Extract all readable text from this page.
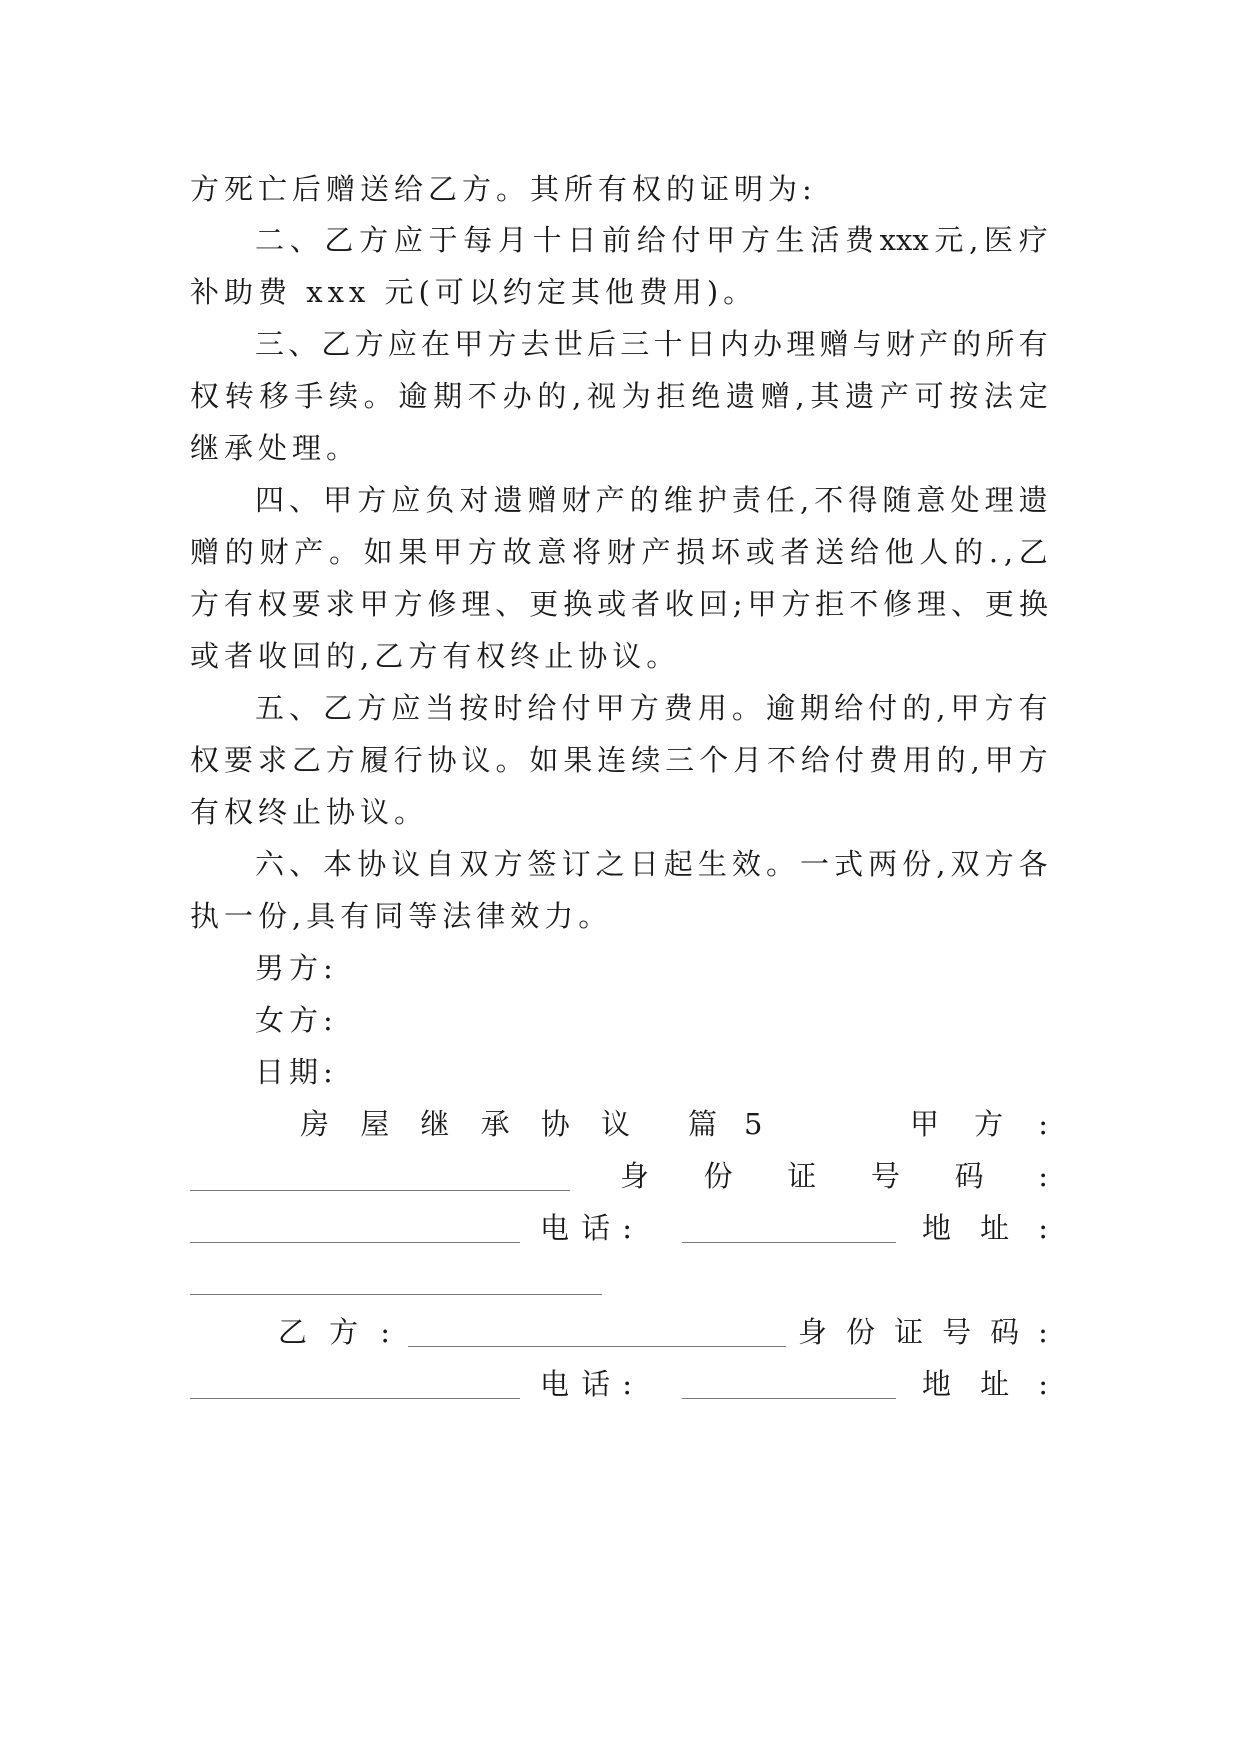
方死亡后赠送给乙方。其所有权的证明为:
二 、 乙 方 应 于 每 月 十 日 前 给 付 甲 方 生 活 费 xxx 元 , 医 疗
补助费 xxx 元(可以约定其他费用)。
三 、 乙 方 应 在 甲 方 去 世 后 三 十 日 内 办 理 赠 与 财 产 的 所 有
权 转 移 手 续 。 逾 期 不 办 的 , 视 为 拒 绝 遗 赠 , 其 遗 产 可 按 法 定
继承处理。
四 、 甲 方 应 负 对 遗 赠 财 产 的 维 护 责 任 , 不 得 随 意 处 理 遗
赠 的 财 产 。 如 果 甲 方 故 意 将 财 产 损 坏 或 者 送 给 他 人 的 . , 乙
方 有 权 要 求 甲 方 修 理 、 更 换 或 者 收 回 ; 甲 方 拒 不 修 理 、 更 换
或者收回的,乙方有权终止协议。
五 、 乙 方 应 当 按 时 给 付 甲 方 费 用 。 逾 期 给 付 的 , 甲 方 有
权 要 求 乙 方 履 行 协 议 。 如 果 连 续 三 个 月 不 给 付 费 用 的 , 甲 方
有权终止协议。
六 、 本 协 议 自 双 方 签 订 之 日 起 生 效 。 一 式 两 份 , 双 方 各
执一份,具有同等法律效力。
男方:
女方:
日期:
房 屋 继 承 协 议 篇 5	甲 方 :
身 份 证 号 码 :
电 话 :	地 址 :
乙 方 :	身 份 证 号 码 :
电 话 :	地 址 :
